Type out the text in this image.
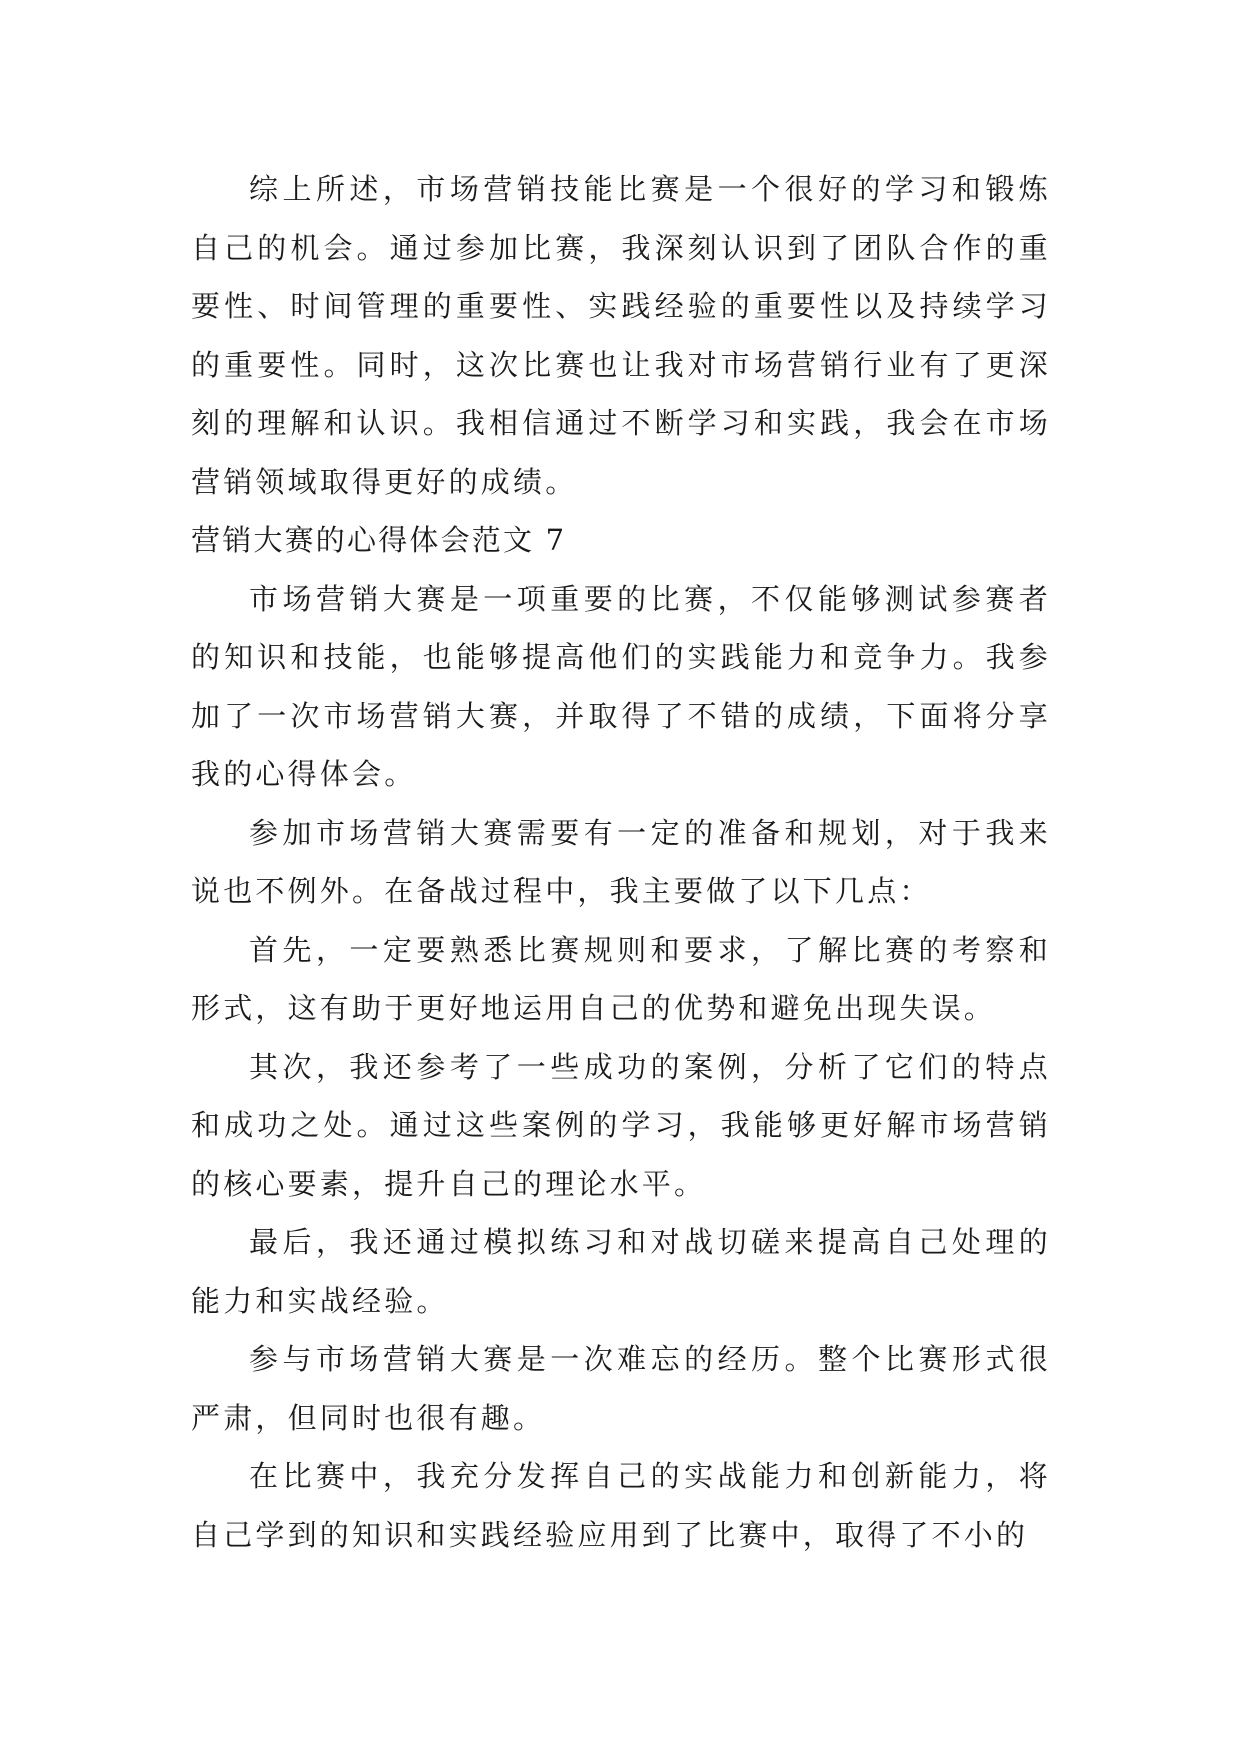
综上所述，市场营销技能比赛是一个很好的学习和锻炼自己的机会。通过参加比赛，我深刻认识到了团队合作的重要性、时间管理的重要性、实践经验的重要性以及持续学习的重要性。同时，这次比赛也让我对市场营销行业有了更深刻的理解和认识。我相信通过不断学习和实践，我会在市场营销领域取得更好的成绩。

营销大赛的心得体会范文 7

市场营销大赛是一项重要的比赛，不仅能够测试参赛者的知识和技能，也能够提高他们的实践能力和竞争力。我参加了一次市场营销大赛，并取得了不错的成绩，下面将分享我的心得体会。

参加市场营销大赛需要有一定的准备和规划，对于我来说也不例外。在备战过程中，我主要做了以下几点：

首先，一定要熟悉比赛规则和要求，了解比赛的考察和形式，这有助于更好地运用自己的优势和避免出现失误。

其次，我还参考了一些成功的案例，分析了它们的特点和成功之处。通过这些案例的学习，我能够更好解市场营销的核心要素，提升自己的理论水平。

最后，我还通过模拟练习和对战切磋来提高自己处理的能力和实战经验。

参与市场营销大赛是一次难忘的经历。整个比赛形式很严肃，但同时也很有趣。

在比赛中，我充分发挥自己的实战能力和创新能力，将自己学到的知识和实践经验应用到了比赛中，取得了不小的
